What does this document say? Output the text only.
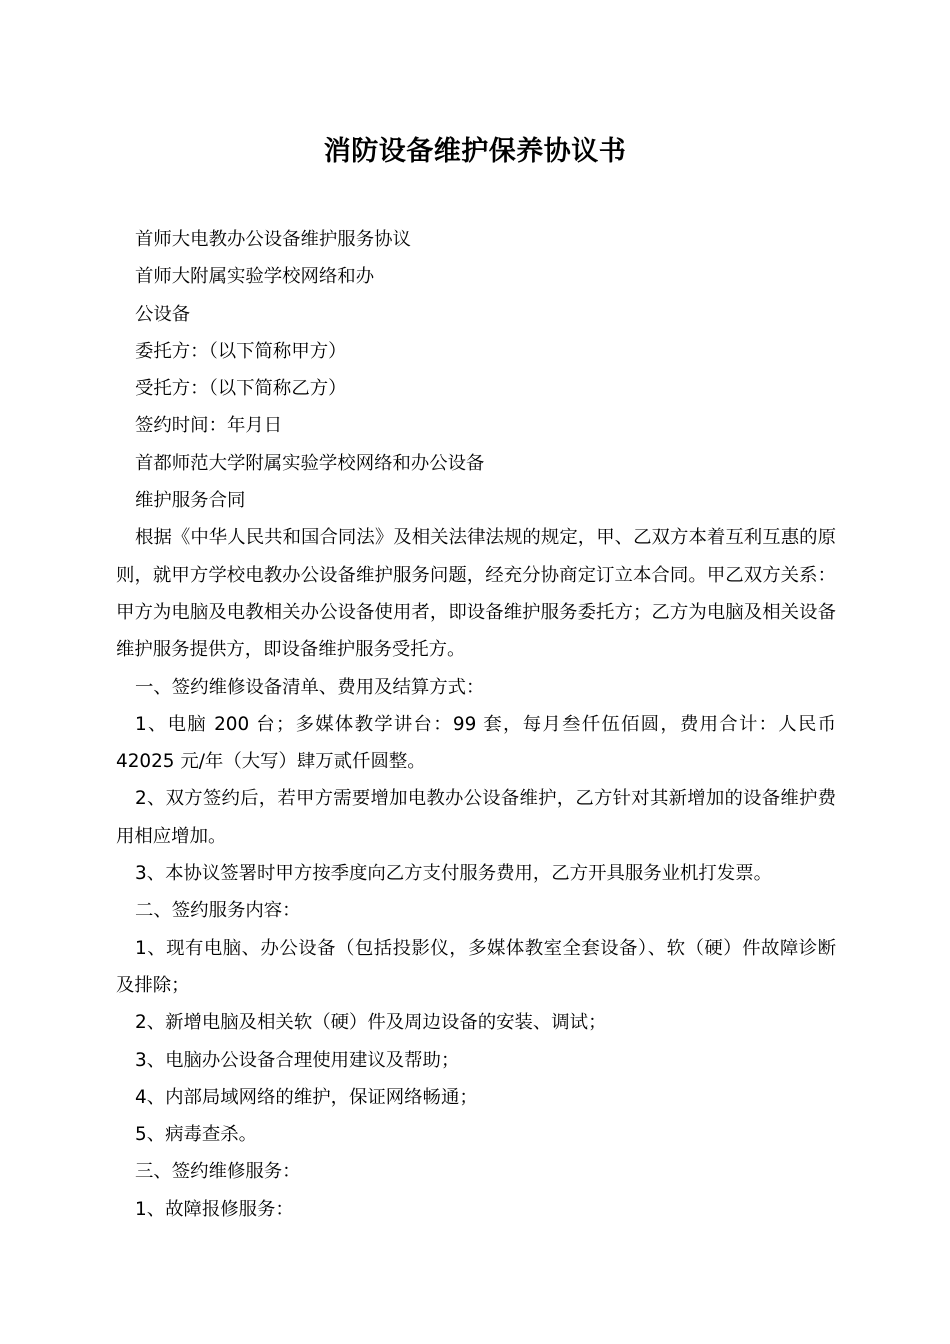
消防设备维护保养协议书

首师大电教办公设备维护服务协议

首师大附属实验学校网络和办

公设备

委托方：（以下简称甲方）

受托方：（以下简称乙方）

签约时间：年月日

首都师范大学附属实验学校网络和办公设备

维护服务合同

根据《中华人民共和国合同法》及相关法律法规的规定，甲、乙双方本着互利互惠的原则，就甲方学校电教办公设备维护服务问题，经充分协商定订立本合同。甲乙双方关系：甲方为电脑及电教相关办公设备使用者，即设备维护服务委托方；乙方为电脑及相关设备维护服务提供方，即设备维护服务受托方。

一、签约维修设备清单、费用及结算方式：

1、电脑 200 台；多媒体教学讲台：99 套，每月叁仟伍佰圆，费用合计：人民币 42025 元/年（大写）肆万贰仟圆整。

2、双方签约后，若甲方需要增加电教办公设备维护，乙方针对其新增加的设备维护费用相应增加。

3、本协议签署时甲方按季度向乙方支付服务费用，乙方开具服务业机打发票。

二、签约服务内容：

1、现有电脑、办公设备（包括投影仪，多媒体教室全套设备）、软（硬）件故障诊断及排除；

2、新增电脑及相关软（硬）件及周边设备的安装、调试；

3、电脑办公设备合理使用建议及帮助；

4、内部局域网络的维护，保证网络畅通；

5、病毒查杀。

三、签约维修服务：

1、故障报修服务：
